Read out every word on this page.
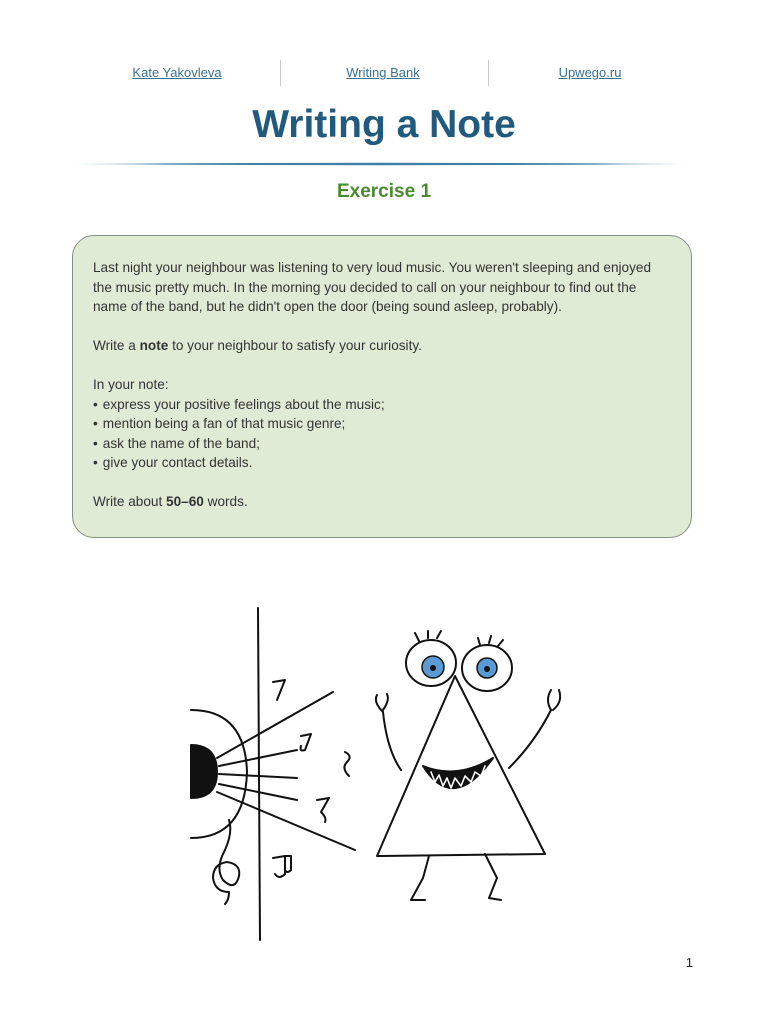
Kate Yakovleva	Writing Bank	Upwego.ru
Writing a Note
Exercise 1

Last night your neighbour was listening to very loud music. You weren't sleeping and enjoyed the music pretty much. In the morning you decided to call on your neighbour to find out the name of the band, but he didn't open the door (being sound asleep, probably).

Write a note to your neighbour to satisfy your curiosity.

In your note:
• express your positive feelings about the music;
• mention being a fan of that music genre;
• ask the name of the band;
• give your contact details.

Write about 50–60 words.

1
